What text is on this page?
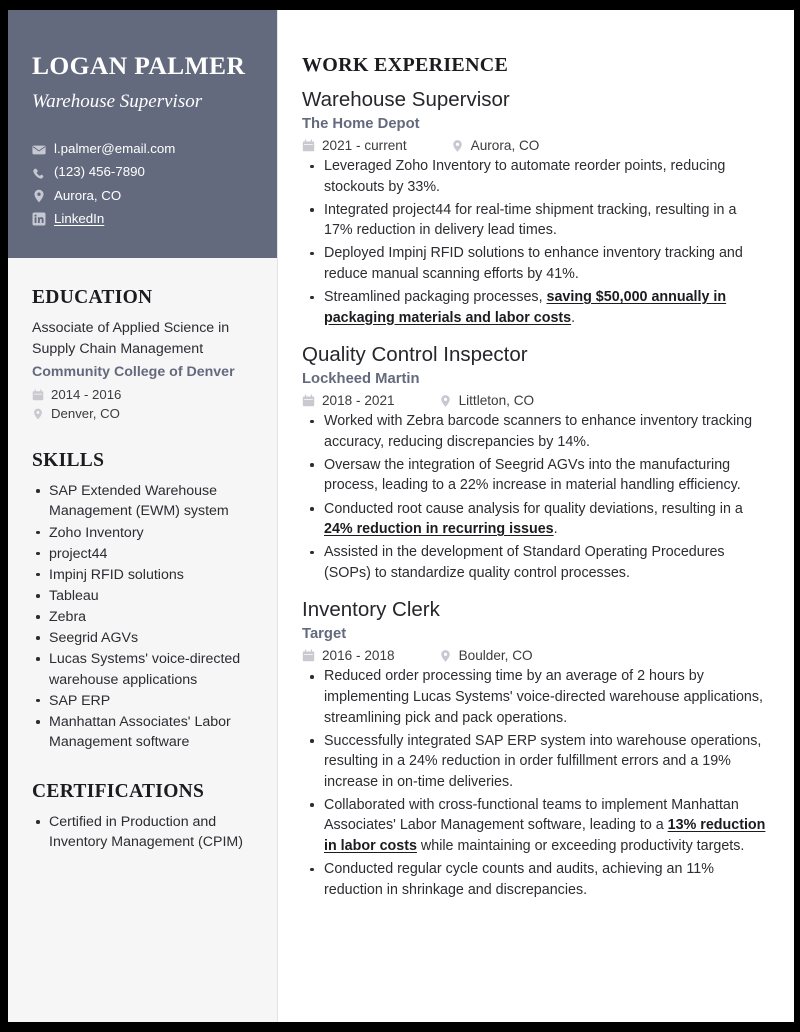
LOGAN PALMER
Warehouse Supervisor
l.palmer@email.com
(123) 456-7890
Aurora, CO
LinkedIn
EDUCATION
Associate of Applied Science in Supply Chain Management
Community College of Denver
2014 - 2016
Denver, CO
SKILLS
SAP Extended Warehouse Management (EWM) system
Zoho Inventory
project44
Impinj RFID solutions
Tableau
Zebra
Seegrid AGVs
Lucas Systems' voice-directed warehouse applications
SAP ERP
Manhattan Associates' Labor Management software
CERTIFICATIONS
Certified in Production and Inventory Management (CPIM)
WORK EXPERIENCE
Warehouse Supervisor
The Home Depot
2021 - current	Aurora, CO
Leveraged Zoho Inventory to automate reorder points, reducing stockouts by 33%.
Integrated project44 for real-time shipment tracking, resulting in a 17% reduction in delivery lead times.
Deployed Impinj RFID solutions to enhance inventory tracking and reduce manual scanning efforts by 41%.
Streamlined packaging processes, saving $50,000 annually in packaging materials and labor costs.
Quality Control Inspector
Lockheed Martin
2018 - 2021	Littleton, CO
Worked with Zebra barcode scanners to enhance inventory tracking accuracy, reducing discrepancies by 14%.
Oversaw the integration of Seegrid AGVs into the manufacturing process, leading to a 22% increase in material handling efficiency.
Conducted root cause analysis for quality deviations, resulting in a 24% reduction in recurring issues.
Assisted in the development of Standard Operating Procedures (SOPs) to standardize quality control processes.
Inventory Clerk
Target
2016 - 2018	Boulder, CO
Reduced order processing time by an average of 2 hours by implementing Lucas Systems' voice-directed warehouse applications, streamlining pick and pack operations.
Successfully integrated SAP ERP system into warehouse operations, resulting in a 24% reduction in order fulfillment errors and a 19% increase in on-time deliveries.
Collaborated with cross-functional teams to implement Manhattan Associates' Labor Management software, leading to a 13% reduction in labor costs while maintaining or exceeding productivity targets.
Conducted regular cycle counts and audits, achieving an 11% reduction in shrinkage and discrepancies.
